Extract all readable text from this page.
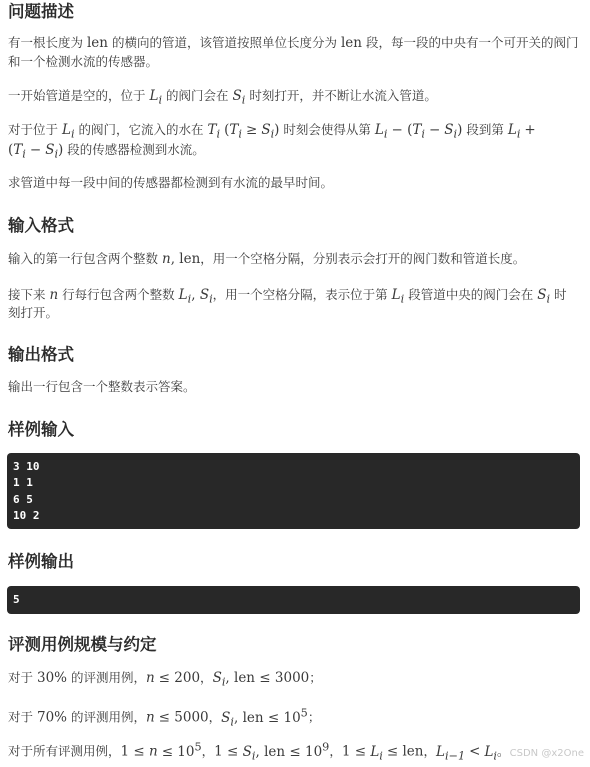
问题描述

有一根长度为 len 的横向的管道，该管道按照单位长度分为 len 段，每一段的中央有一个可开关的阀门

和一个检测水流的传感器。

一开始管道是空的，位于 $L_i$ 的阀门会在 $S_i$ 时刻打开，并不断让水流入管道。

对于位于 $L_i$ 的阀门，它流入的水在 $T_i$ $(T_i \ge S_i)$ 时刻会使得从第 $L_i - (T_i - S_i)$ 段到第 $L_i$ +

$(T_i - S_i)$ 段的传感器检测到水流。

求管道中每一段中间的传感器都检测到有水流的最早时间。

输入格式

输入的第一行包含两个整数 n, len，用一个空格分隔，分别表示会打开的阀门数和管道长度。

接下来 n 行每行包含两个整数 $L_i$, $S_i$，用一个空格分隔，表示位于第 $L_i$ 段管道中央的阀门会在 $S_i$ 时

刻打开。

输出格式

输出一行包含一个整数表示答案。

样例输入
3 10
1 1
6 5
10 2
样例输出
5
评测用例规模与约定

对于 30% 的评测用例，n ≤ 200，$S_i$, len ≤ 3000；

对于 70% 的评测用例，n ≤ 5000，$S_i$, len ≤ $10^5$；

对于所有评测用例，$1 \le n \le 10^5$，$1 \le S_i$, len ≤ $10^9$，$1 \le L_i$ ≤ len，$L_{i-1} < L_i$。 CSDN @x2One
